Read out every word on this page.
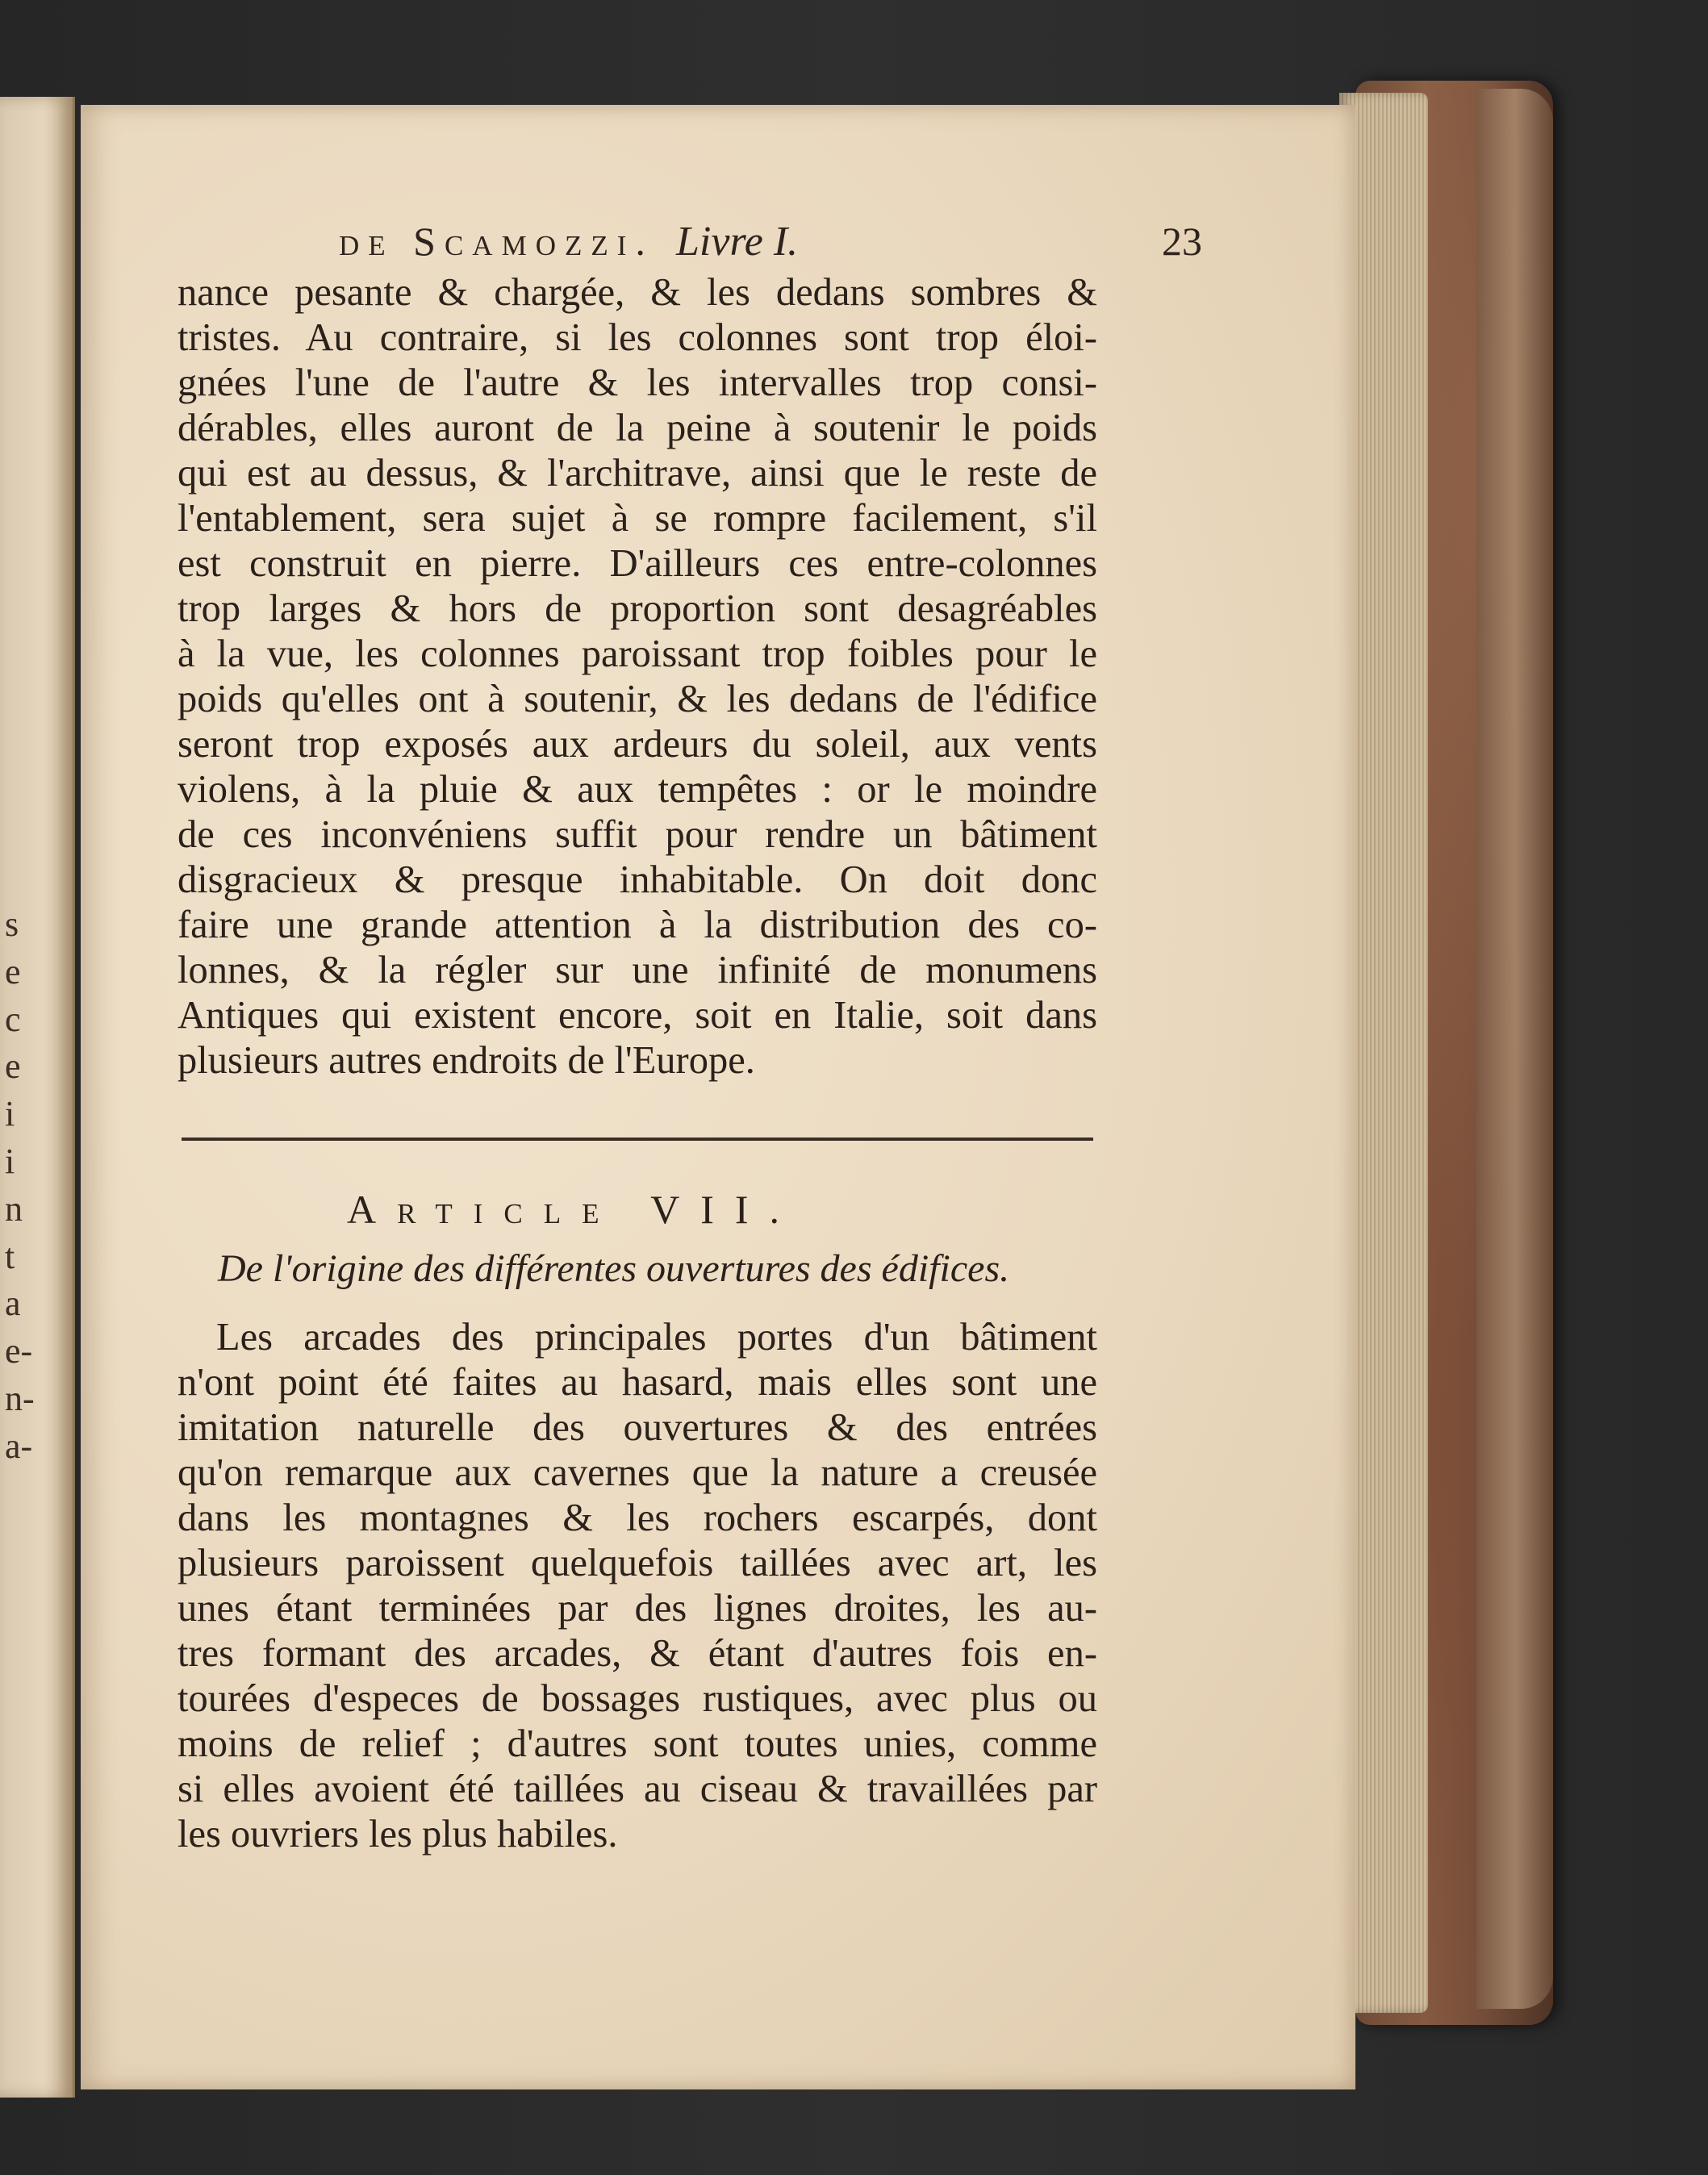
s
e
c
e
i
i
n
t
a
e-
n-
a-
de Scamozzi. Livre I.	23
nance pesante & chargée, & les dedans sombres &
tristes. Au contraire, si les colonnes sont trop éloi-
gnées l'une de l'autre & les intervalles trop consi-
dérables, elles auront de la peine à soutenir le poids
qui est au dessus, & l'architrave, ainsi que le reste de
l'entablement, sera sujet à se rompre facilement, s'il
est construit en pierre. D'ailleurs ces entre-colonnes
trop larges & hors de proportion sont desagréables
à la vue, les colonnes paroissant trop foibles pour le
poids qu'elles ont à soutenir, & les dedans de l'édifice
seront trop exposés aux ardeurs du soleil, aux vents
violens, à la pluie & aux tempêtes : or le moindre
de ces inconvéniens suffit pour rendre un bâtiment
disgracieux & presque inhabitable. On doit donc
faire une grande attention à la distribution des co-
lonnes, & la régler sur une infinité de monumens
Antiques qui existent encore, soit en Italie, soit dans
plusieurs autres endroits de l'Europe.
Article VII.
De l'origine des différentes ouvertures des édifices.
Les arcades des principales portes d'un bâtiment
n'ont point été faites au hasard, mais elles sont une
imitation naturelle des ouvertures & des entrées
qu'on remarque aux cavernes que la nature a creusée
dans les montagnes & les rochers escarpés, dont
plusieurs paroissent quelquefois taillées avec art, les
unes étant terminées par des lignes droites, les au-
tres formant des arcades, & étant d'autres fois en-
tourées d'especes de bossages rustiques, avec plus ou
moins de relief ; d'autres sont toutes unies, comme
si elles avoient été taillées au ciseau & travaillées par
les ouvriers les plus habiles.
